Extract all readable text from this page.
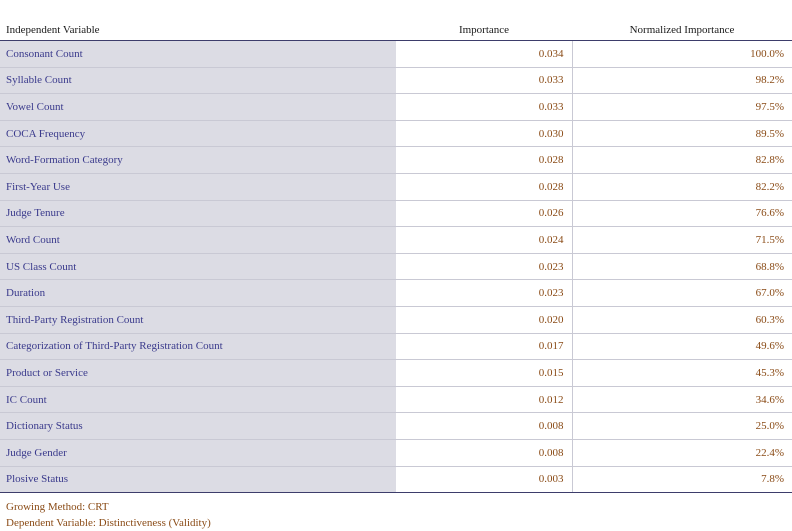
Independent Variable	Importance	Normalized Importance
Consonant Count	0.034	100.0%
Syllable Count	0.033	98.2%
Vowel Count	0.033	97.5%
COCA Frequency	0.030	89.5%
Word-Formation Category	0.028	82.8%
First-Year Use	0.028	82.2%
Judge Tenure	0.026	76.6%
Word Count	0.024	71.5%
US Class Count	0.023	68.8%
Duration	0.023	67.0%
Third-Party Registration Count	0.020	60.3%
Categorization of Third-Party Registration Count	0.017	49.6%
Product or Service	0.015	45.3%
IC Count	0.012	34.6%
Dictionary Status	0.008	25.0%
Judge Gender	0.008	22.4%
Plosive Status	0.003	7.8%
Growing Method: CRT
Dependent Variable: Distinctiveness (Validity)
